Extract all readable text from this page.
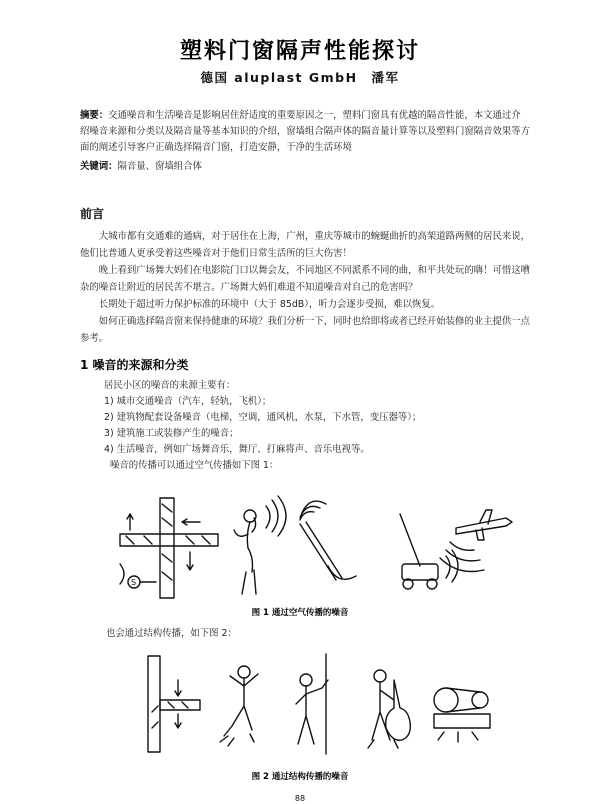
塑料门窗隔声性能探讨
德国 aluplast GmbH　潘军
摘要：交通噪音和生活噪音是影响居住舒适度的重要原因之一，塑料门窗具有优越的隔音性能，本文通过介绍噪音来源和分类以及隔音量等基本知识的介绍，窗墙组合隔声体的隔音量计算等以及塑料门窗隔音效果等方面的阐述引导客户正确选择隔音门窗，打造安静，干净的生活环境
关键词：隔音量、窗墙组合体
前言
大城市都有交通难的通病，对于居住在上海，广州，重庆等城市的蜿蜒曲折的高架道路两侧的居民来说，他们比普通人更承受着这些噪音对于他们日常生活所的巨大伤害！
晚上看到广场舞大妈们在电影院门口以舞会友，不同地区不同派系不同的曲，和平共处玩的嗨！可惜这嘈杂的噪音让附近的居民苦不堪言。广场舞大妈们难道不知道噪音对自己的危害吗？
长期处于超过听力保护标准的环境中（大于 85dB），听力会逐步受损，难以恢复。
如何正确选择隔音窗来保持健康的环境？我们分析一下，同时也给即将或者已经开始装修的业主提供一点参考。
1 噪音的来源和分类
居民小区的噪音的来源主要有：
1) 城市交通噪音（汽车，轻轨，飞机）；
2) 建筑物配套设备噪音（电梯，空调，通风机，水泵，下水管，变压器等）；
3) 建筑施工或装修产生的噪音；
4) 生活噪音，例如广场舞音乐，舞厅、打麻将声、音乐电视等。
噪音的传播可以通过空气传播如下图 1：
S
图 1 通过空气传播的噪音
也会通过结构传播，如下图 2：
图 2 通过结构传播的噪音
88
